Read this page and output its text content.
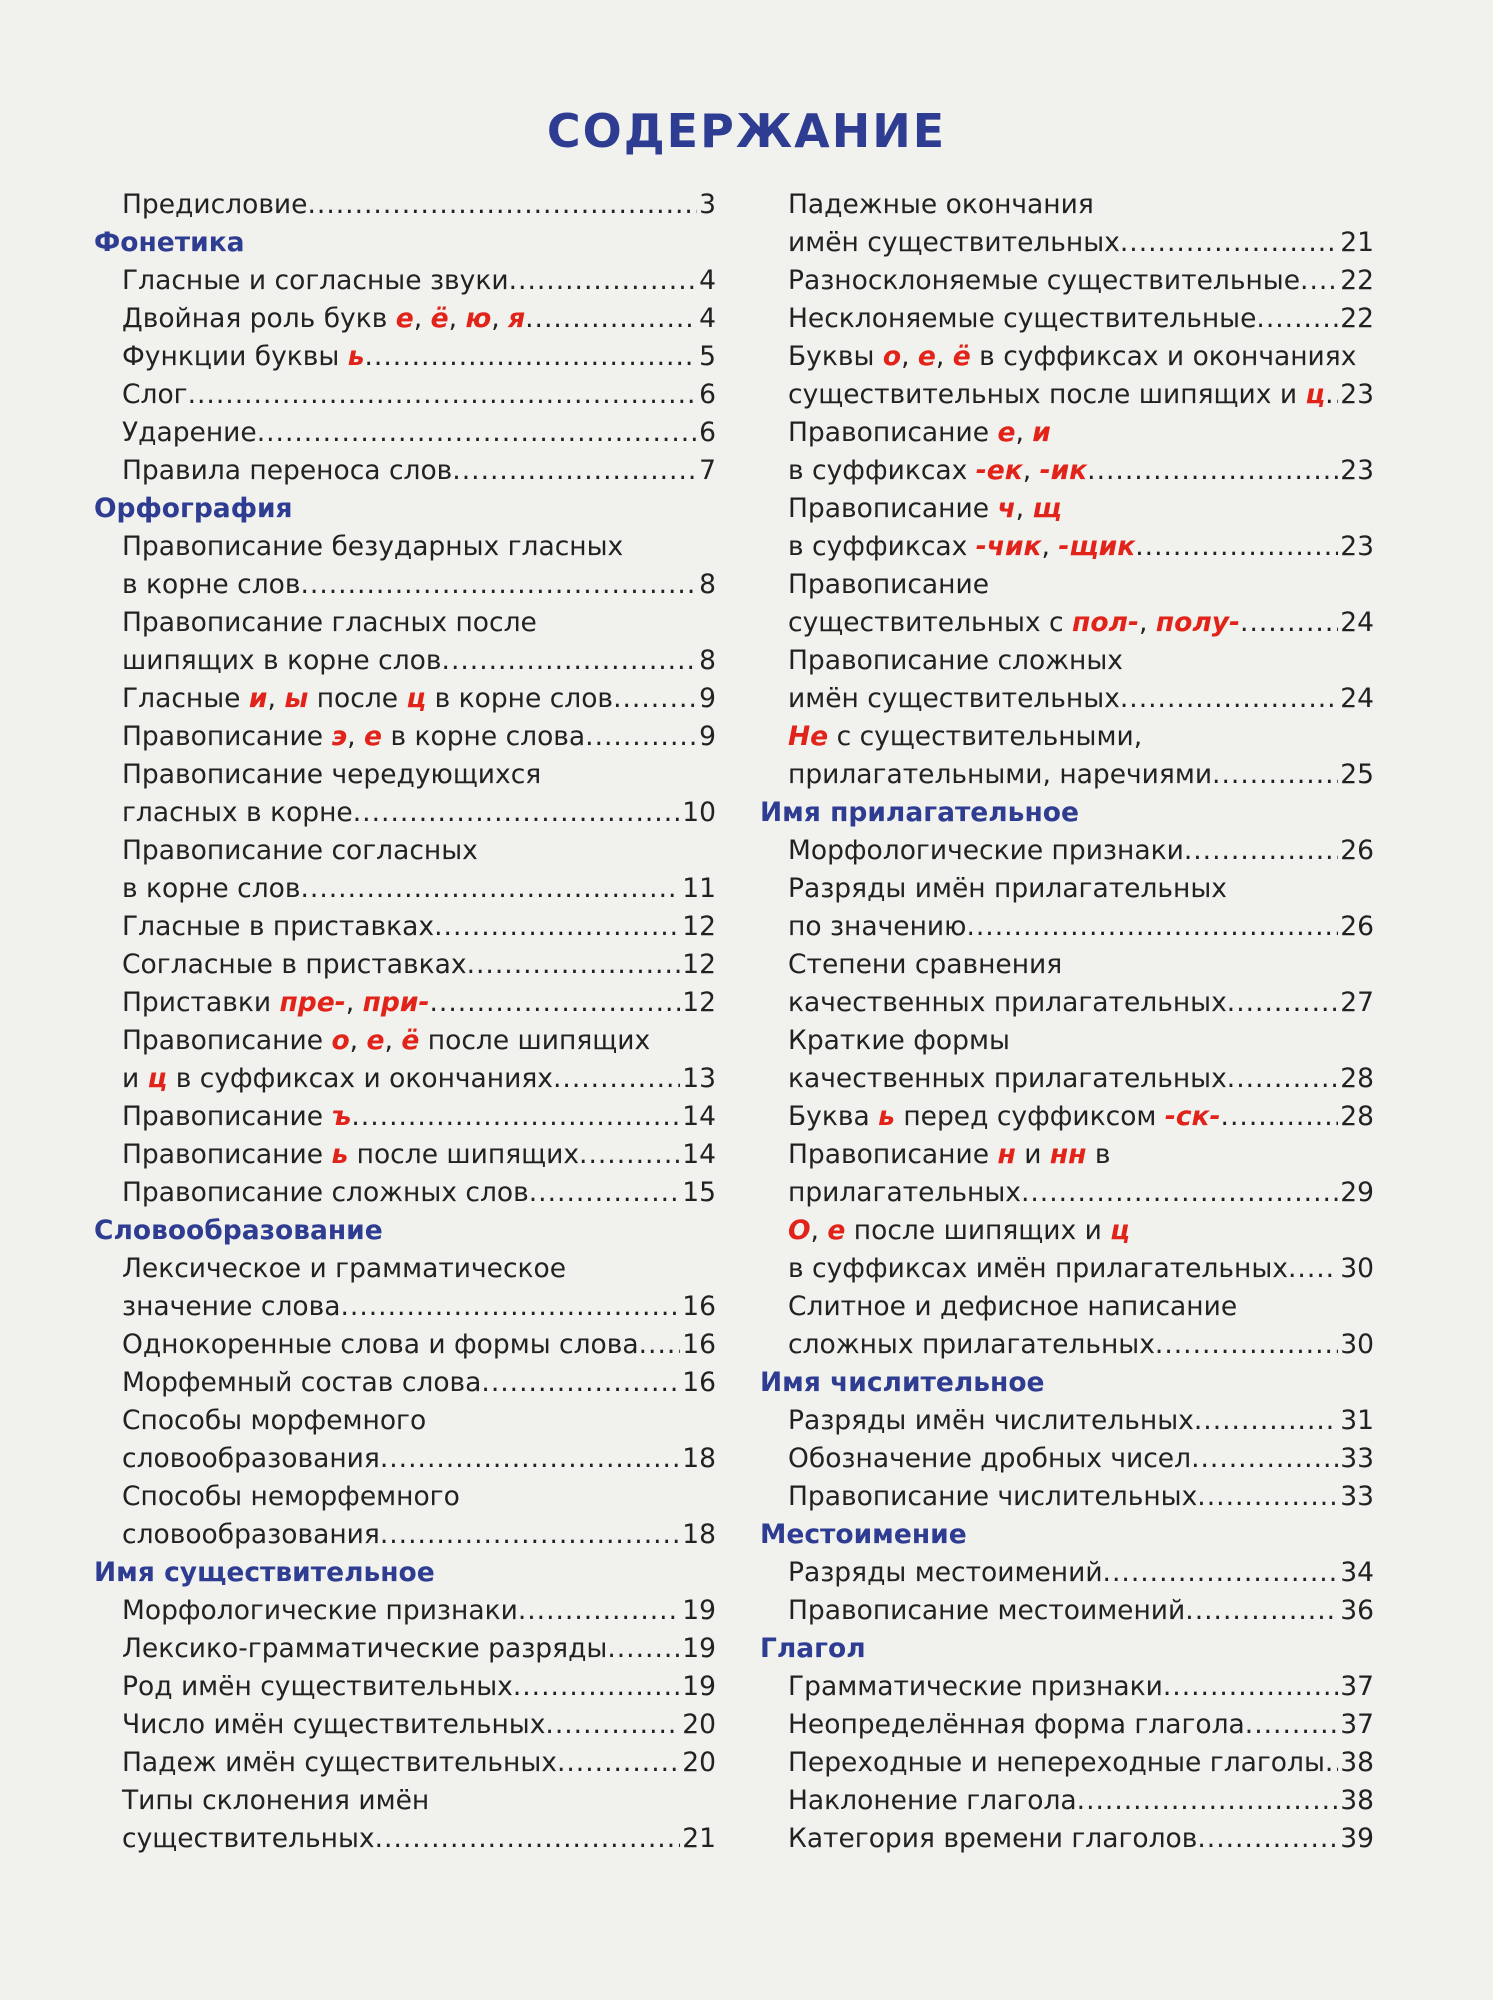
СОДЕРЖАНИЕ
Предисловие .....	3
Фонетика
Гласные и согласные звуки .....	4
Двойная роль букв е, ё, ю, я .....	4
Функции буквы ь .....	5
Слог .....	6
Ударение .....	6
Правила переноса слов .....	7
Орфография
Правописание безударных гласных
в корне слов .....	8
Правописание гласных после
шипящих в корне слов .....	8
Гласные и, ы после ц в корне слов .....	9
Правописание э, е в корне слова .....	9
Правописание чередующихся
гласных в корне .....	10
Правописание согласных
в корне слов .....	11
Гласные в приставках .....	12
Согласные в приставках .....	12
Приставки пре-, при- .....	12
Правописание о, е, ё после шипящих
и ц в суффиксах и окончаниях .....	13
Правописание ъ .....	14
Правописание ь после шипящих .....	14
Правописание сложных слов .....	15
Словообразование
Лексическое и грамматическое
значение слова .....	16
Однокоренные слова и формы слова ..... 16
Морфемный состав слова .....	16
Способы морфемного
словообразования .....	18
Способы неморфемного
словообразования .....	18
Имя существительное
Морфологические признаки .....	19
Лексико-грамматические разряды .....	19
Род имён существительных .....	19
Число имён существительных .....	20
Падеж имён существительных .....	20
Типы склонения имён
существительных .....	21
Падежные окончания
имён существительных .....	21
Разносклоняемые существительные ..... 22
Несклоняемые существительные .....	22
Буквы о, е, ё в суффиксах и окончаниях
существительных после шипящих и ц ..... 23
Правописание е, и
в суффиксах -ек, -ик .....	23
Правописание ч, щ
в суффиксах -чик, -щик .....	23
Правописание
существительных с пол-, полу- .....	24
Правописание сложных
имён существительных .....	24
Не с существительными,
прилагательными, наречиями .....	25
Имя прилагательное
Морфологические признаки .....	26
Разряды имён прилагательных
по значению .....	26
Степени сравнения
качественных прилагательных .....	27
Краткие формы
качественных прилагательных .....	28
Буква ь перед суффиксом -ск- .....	28
Правописание н и нн в
прилагательных .....	29
О, е после шипящих и ц
в суффиксах имён прилагательных ..... 30
Слитное и дефисное написание
сложных прилагательных .....	30
Имя числительное
Разряды имён числительных .....	31
Обозначение дробных чисел .....	33
Правописание числительных .....	33
Местоимение
Разряды местоимений .....	34
Правописание местоимений .....	36
Глагол
Грамматические признаки .....	37
Неопределённая форма глагола .....	37
Переходные и непереходные глаголы ..... 38
Наклонение глагола .....	38
Категория времени глаголов .....	39
